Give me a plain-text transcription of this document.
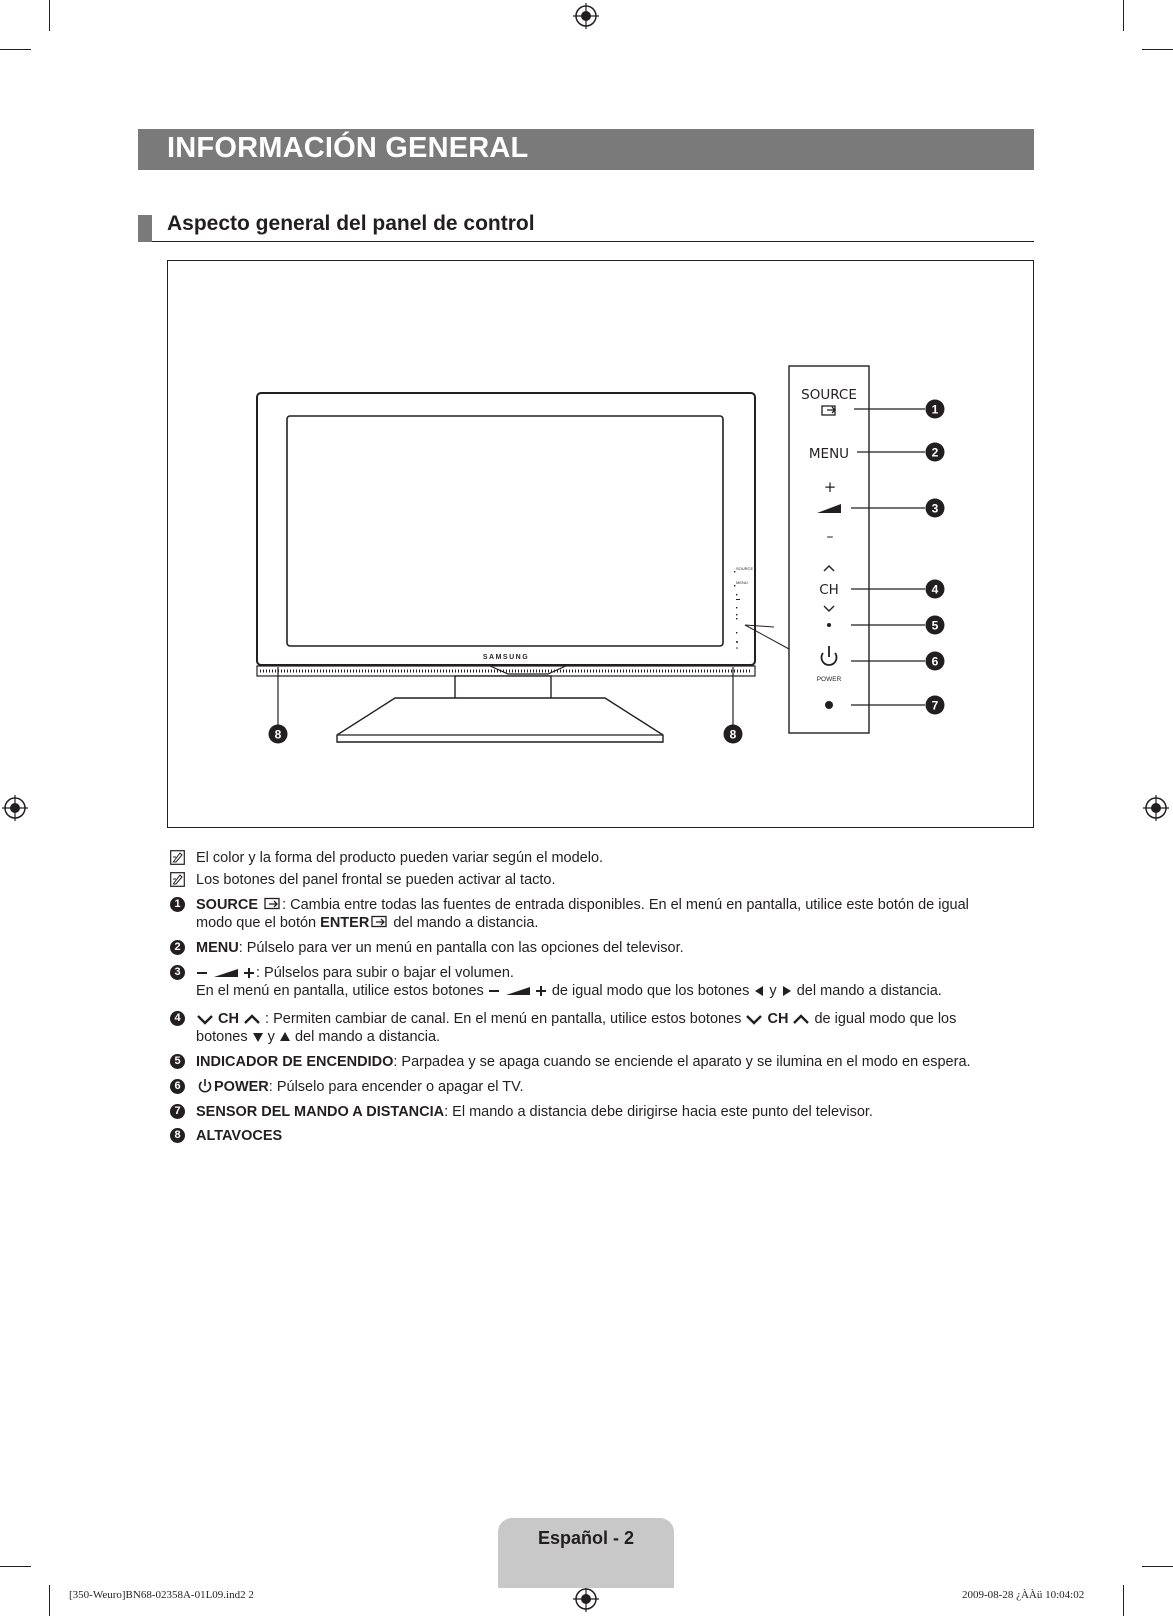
INFORMACIÓN GENERAL
Aspecto general del panel de control
SAMSUNG
SOURCE
MENU
SOURCE
MENU
+
–
CH
POWER
1
2
3
4
5
6
7
8	8
El color y la forma del producto pueden variar según el modelo.
Los botones del panel frontal se pueden activar al tacto.
1	SOURCE : Cambia entre todas las fuentes de entrada disponibles. En el menú en pantalla, utilice este botón de igual
modo que el botón ENTER del mando a distancia.
2	MENU: Púlselo para ver un menú en pantalla con las opciones del televisor.
3	: Púlselos para subir o bajar el volumen.
En el menú en pantalla, utilice estos botones	de igual modo que los botones y del mando a distancia.
4	CH : Permiten cambiar de canal. En el menú en pantalla, utilice estos botones CH de igual modo que los
botones y del mando a distancia.
5	INDICADOR DE ENCENDIDO: Parpadea y se apaga cuando se enciende el aparato y se ilumina en el modo en espera.
6	POWER: Púlselo para encender o apagar el TV.
7	SENSOR DEL MANDO A DISTANCIA: El mando a distancia debe dirigirse hacia este punto del televisor.
8	ALTAVOCES
Español - 2
[350-Weuro]BN68-02358A-01L09.ind2 2	2009-08-28 ¿ÀÀü 10:04:02
